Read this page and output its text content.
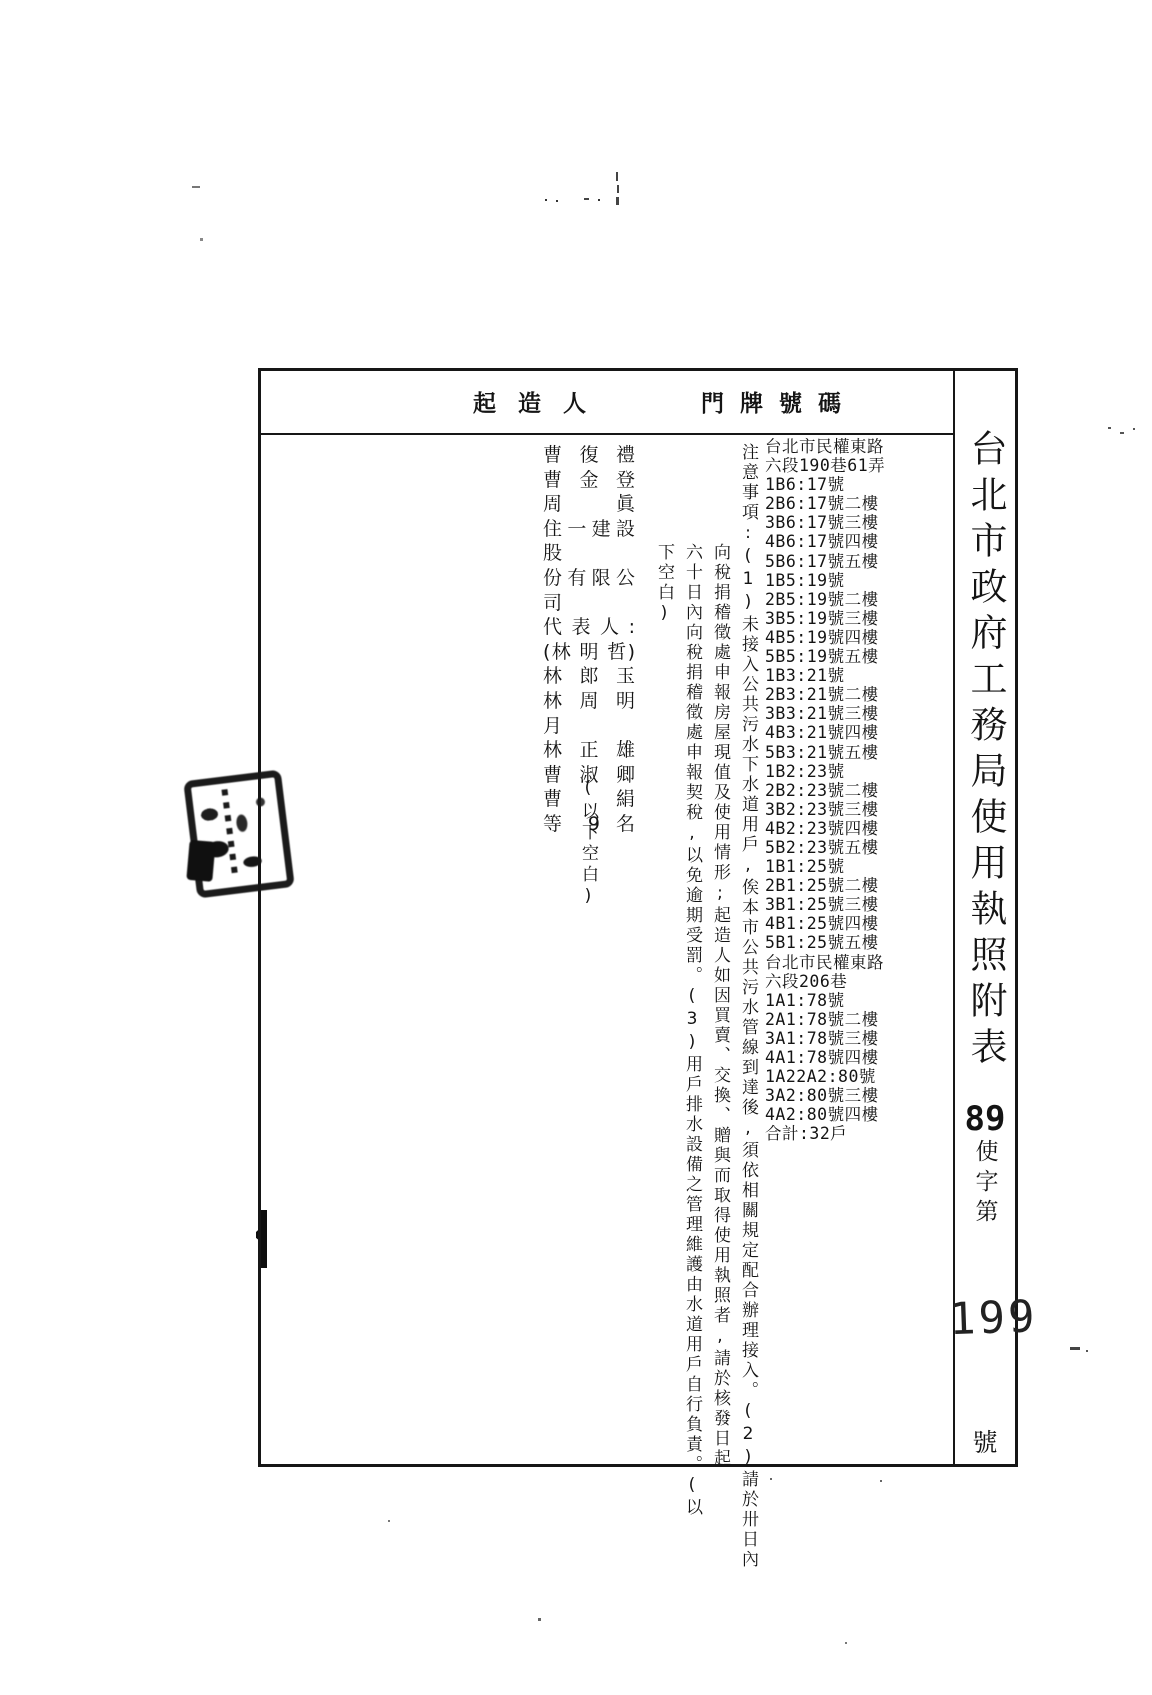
起造人	門牌號碼
曹 復 禮
曹 金 登
周 眞
住一建設股
份有限公司
代 表 人 :
(林 明 哲)
林 郎 玉
林 周 明 月
林 正 雄
曹 淑 卿
曹 絹
等 9 名
(以下空白)	注意事項:(1)未接入公共污水下水道用戶,俟本市公共污水管線到達後,須依相關規定配合辦理接入。(2)請於卅日內
向稅捐稽徵處申報房屋現值及使用情形;起造人如因買賣、交換、贈與而取得使用執照者,請於核發日起
六十日內向稅捐稽徵處申報契稅,以免逾期受罰。(3)用戶排水設備之管理維護由水道用戶自行負責。(以
下空白)
台北市民權東路
六段190巷61弄
1B6:17號
2B6:17號二樓
3B6:17號三樓
4B6:17號四樓
5B6:17號五樓
1B5:19號
2B5:19號二樓
3B5:19號三樓
4B5:19號四樓
5B5:19號五樓
1B3:21號
2B3:21號二樓
3B3:21號三樓
4B3:21號四樓
5B3:21號五樓
1B2:23號
2B2:23號二樓
3B2:23號三樓
4B2:23號四樓
5B2:23號五樓
1B1:25號
2B1:25號二樓
3B1:25號三樓
4B1:25號四樓
5B1:25號五樓
台北市民權東路
六段206巷
1A1:78號
2A1:78號二樓
3A1:78號三樓
4A1:78號四樓
1A22A2:80號
3A2:80號三樓
4A2:80號四樓
合計:32戶
台北市政府工務局使用執照附表
89
使字第
199
號
